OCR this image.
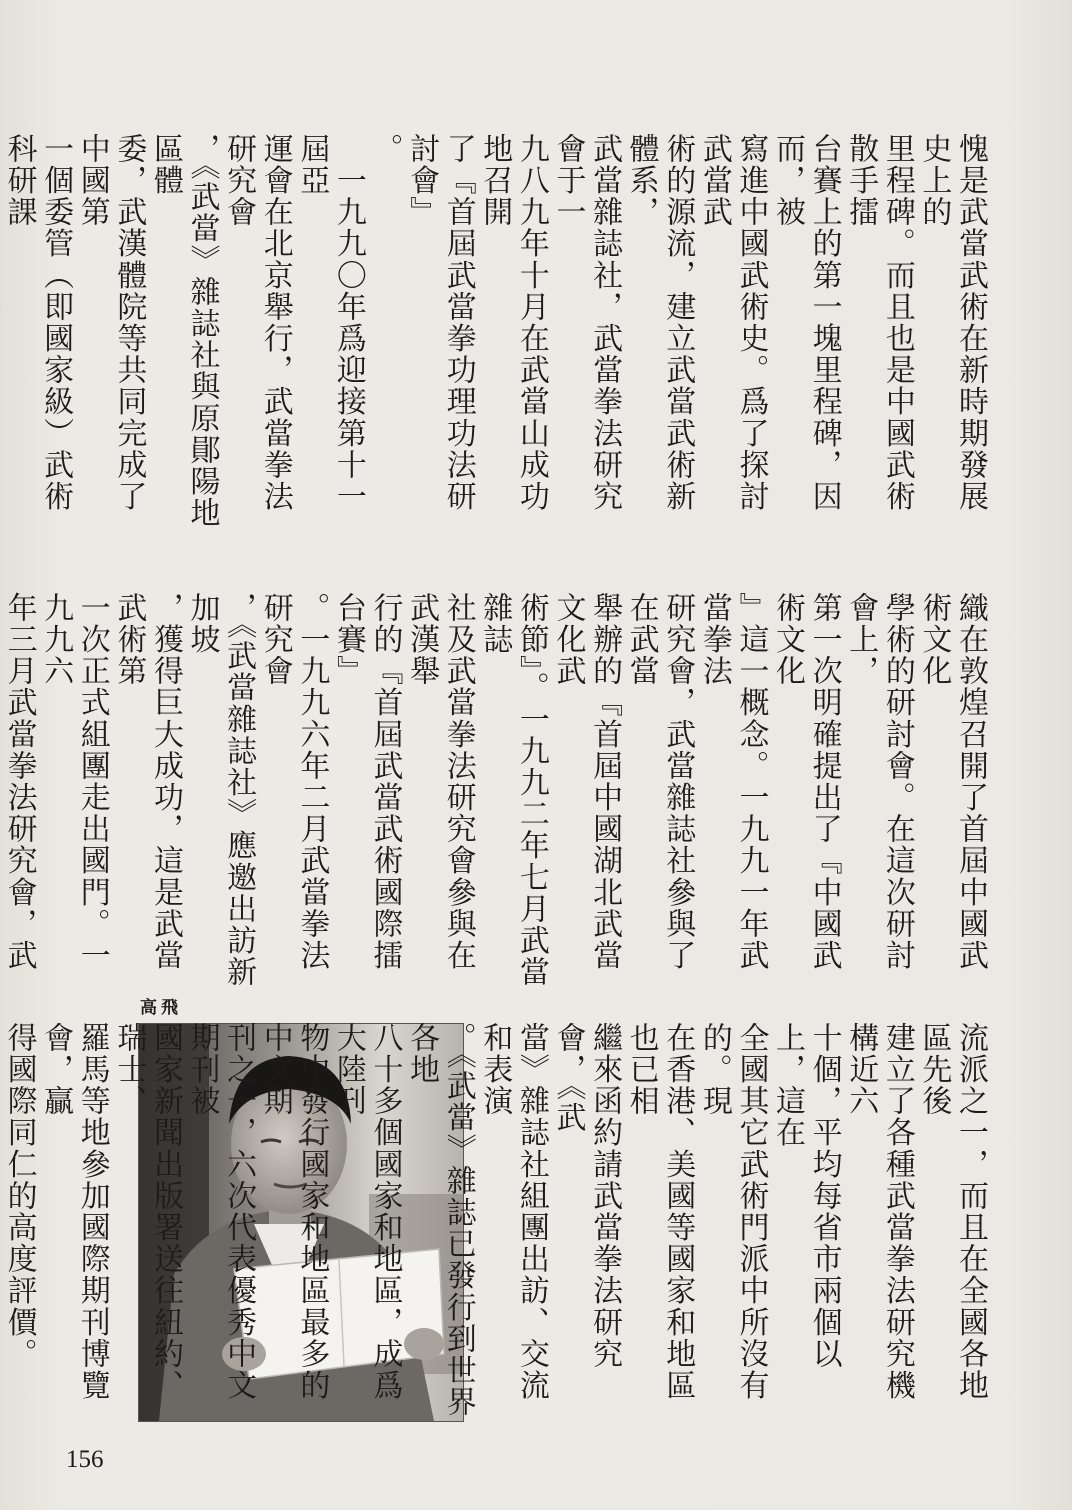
愧是武當武術在新時期發展史上的
里程碑。而且也是中國武術散手擂
台賽上的第一塊里程碑，因而，被
寫進中國武術史。爲了探討武當武
術的源流，建立武當武術新體系，
武當雜誌社，武當拳法研究會于一
九八九年十月在武當山成功地召開
了『首屆武當拳功理功法研討會』
。
　一九九〇年爲迎接第十一屆亞
運會在北京舉行，武當拳法研究會
，《武當》雜誌社與原鄖陽地區體
委，武漢體院等共同完成了中國第
一個委管（即國家級）武術科研課

織在敦煌召開了首屆中國武術文化
學術的研討會。在這次研討會上，
第一次明確提出了『中國武術文化
』這一概念。一九九一年武當拳法
研究會，武當雜誌社參與了在武當
舉辦的『首屆中國湖北武當文化武
術節』。一九九二年七月武當雜誌
社及武當拳法研究會參與在武漢舉
行的『首屆武當武術國際擂台賽』
。一九九六年二月武當拳法研究會
，《武當雜誌社》應邀出訪新加坡
，獲得巨大成功，這是武當武術第
一次正式組團走出國門。一九九六
年三月武當拳法研究會，武

高飛
流派之一，而且在全國各地區先後
建立了各種武當拳法研究機構近六
十個，平均每省市兩個以上，這在
全國其它武術門派中所沒有的。現
在香港、美國等國家和地區也已相
繼來函約請武當拳法研究會，《武
當》雜誌社組團出訪、交流和表演
。《武當》雜誌已發行到世界各地
八十多個國家和地區，成爲大陸刊
物中發行國家和地區最多的中文期
刊之一，六次代表優秀中文期刊被
國家新聞出版署送往紐約、瑞士、
羅馬等地參加國際期刊博覽會，贏
得國際同仁的高度評價。
156
